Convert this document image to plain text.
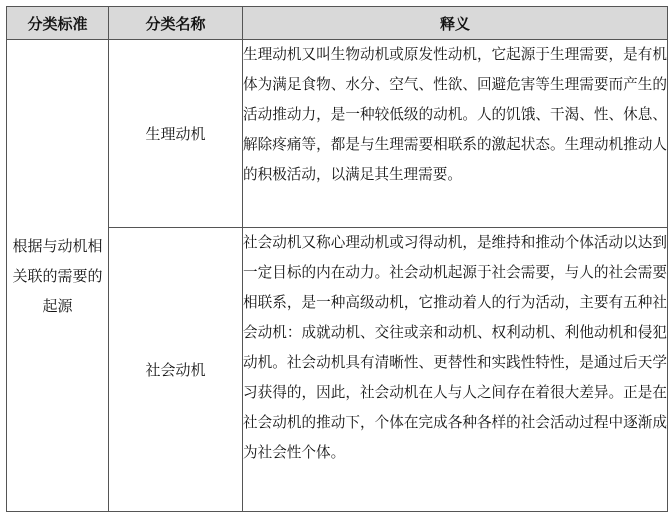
分类标准	分类名称	释义
根据与动机相关联的需要的起源	生理动机	生理动机又叫生物动机或原发性动机，它起源于生理需要，是有机体为满足食物、水分、空气、性欲、回避危害等生理需要而产生的活动推动力，是一种较低级的动机。人的饥饿、干渴、性、休息、解除疼痛等，都是与生理需要相联系的激起状态。生理动机推动人的积极活动，以满足其生理需要。
	社会动机	社会动机又称心理动机或习得动机，是维持和推动个体活动以达到一定目标的内在动力。社会动机起源于社会需要，与人的社会需要相联系，是一种高级动机，它推动着人的行为活动，主要有五种社会动机：成就动机、交往或亲和动机、权利动机、利他动机和侵犯动机。社会动机具有清晰性、更替性和实践性特性，是通过后天学习获得的，因此，社会动机在人与人之间存在着很大差异。正是在社会动机的推动下，个体在完成各种各样的社会活动过程中逐渐成为社会性个体。
